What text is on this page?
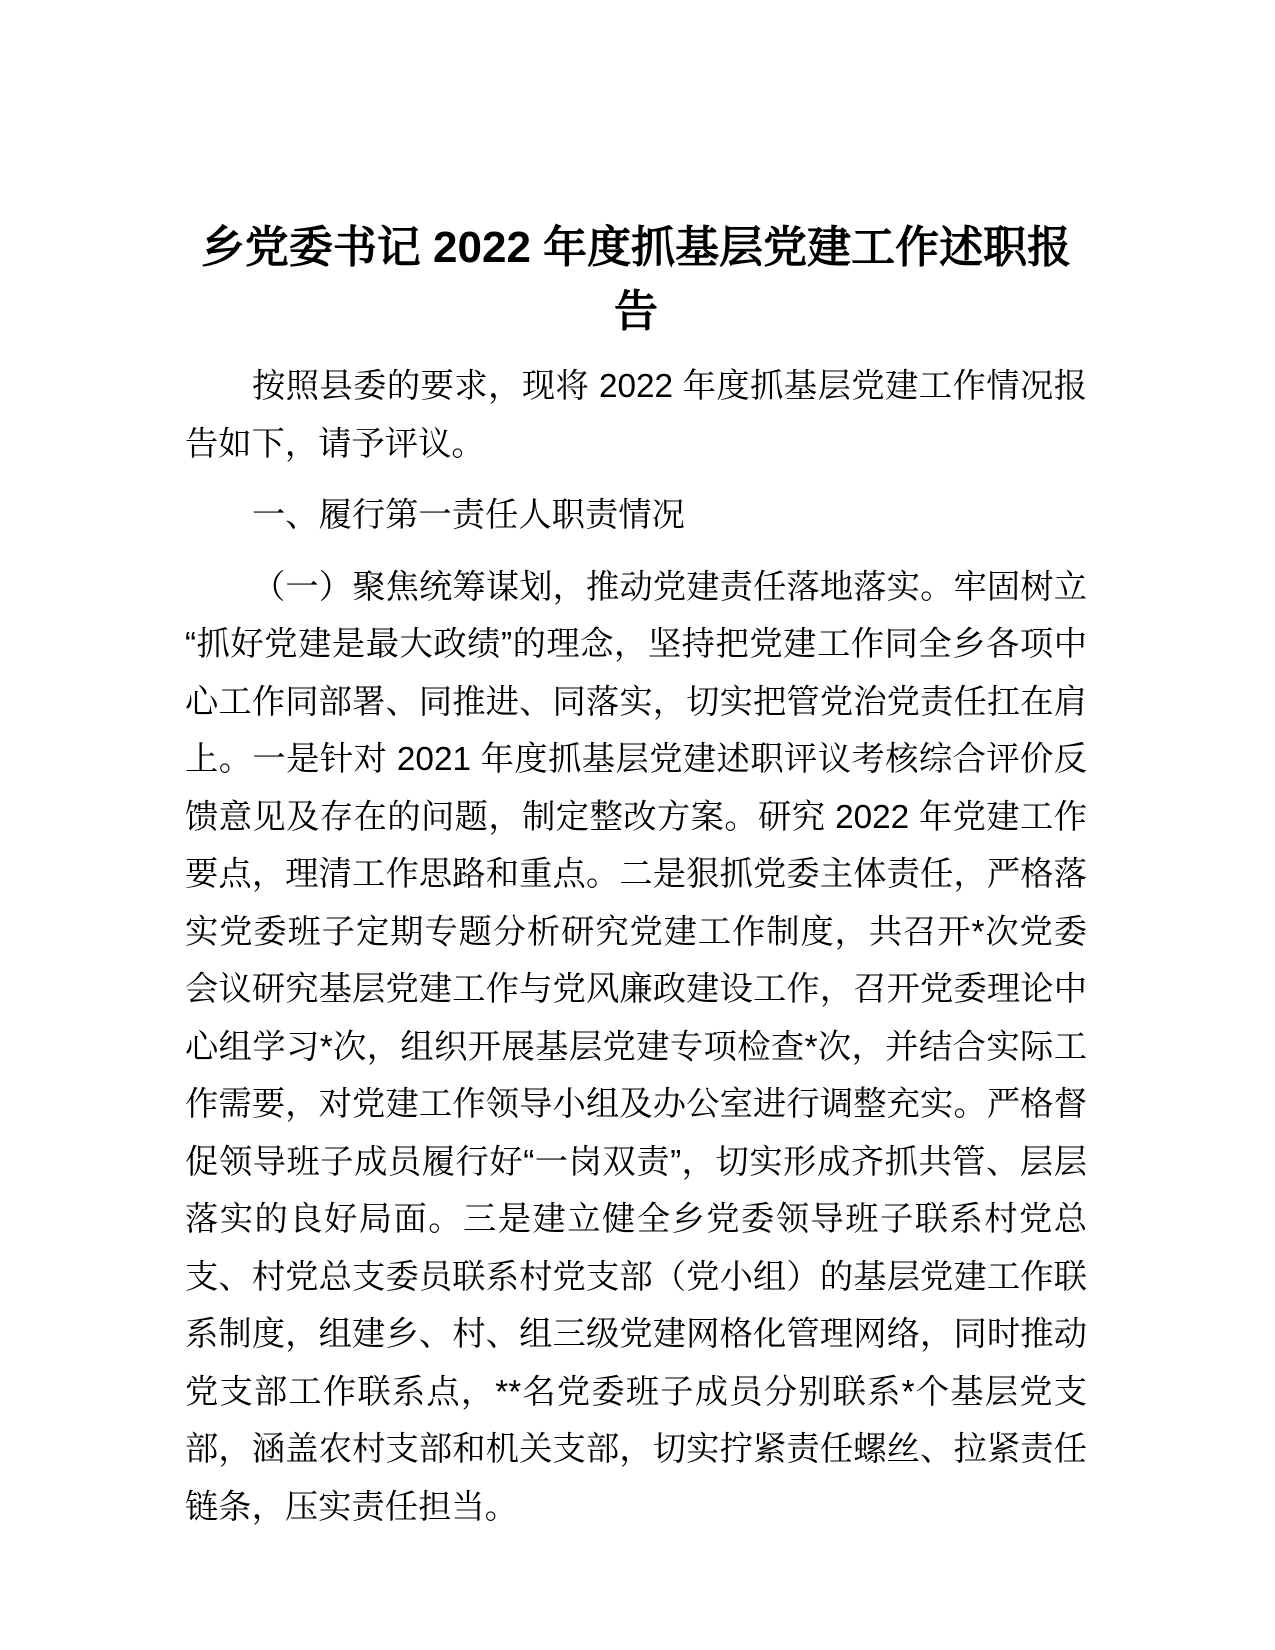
乡党委书记 2022 年度抓基层党建工作述职报告

按照县委的要求，现将 2022 年度抓基层党建工作情况报告如下，请予评议。

一、履行第一责任人职责情况

（一）聚焦统筹谋划，推动党建责任落地落实。牢固树立“抓好党建是最大政绩”的理念，坚持把党建工作同全乡各项中心工作同部署、同推进、同落实，切实把管党治党责任扛在肩上。一是针对 2021 年度抓基层党建述职评议考核综合评价反馈意见及存在的问题，制定整改方案。研究 2022 年党建工作要点，理清工作思路和重点。二是狠抓党委主体责任，严格落实党委班子定期专题分析研究党建工作制度，共召开*次党委会议研究基层党建工作与党风廉政建设工作，召开党委理论中心组学习*次，组织开展基层党建专项检查*次，并结合实际工作需要，对党建工作领导小组及办公室进行调整充实。严格督促领导班子成员履行好“一岗双责”，切实形成齐抓共管、层层落实的良好局面。三是建立健全乡党委领导班子联系村党总支、村党总支委员联系村党支部（党小组）的基层党建工作联系制度，组建乡、村、组三级党建网格化管理网络，同时推动党支部工作联系点，**名党委班子成员分别联系*个基层党支部，涵盖农村支部和机关支部，切实拧紧责任螺丝、拉紧责任链条，压实责任担当。
